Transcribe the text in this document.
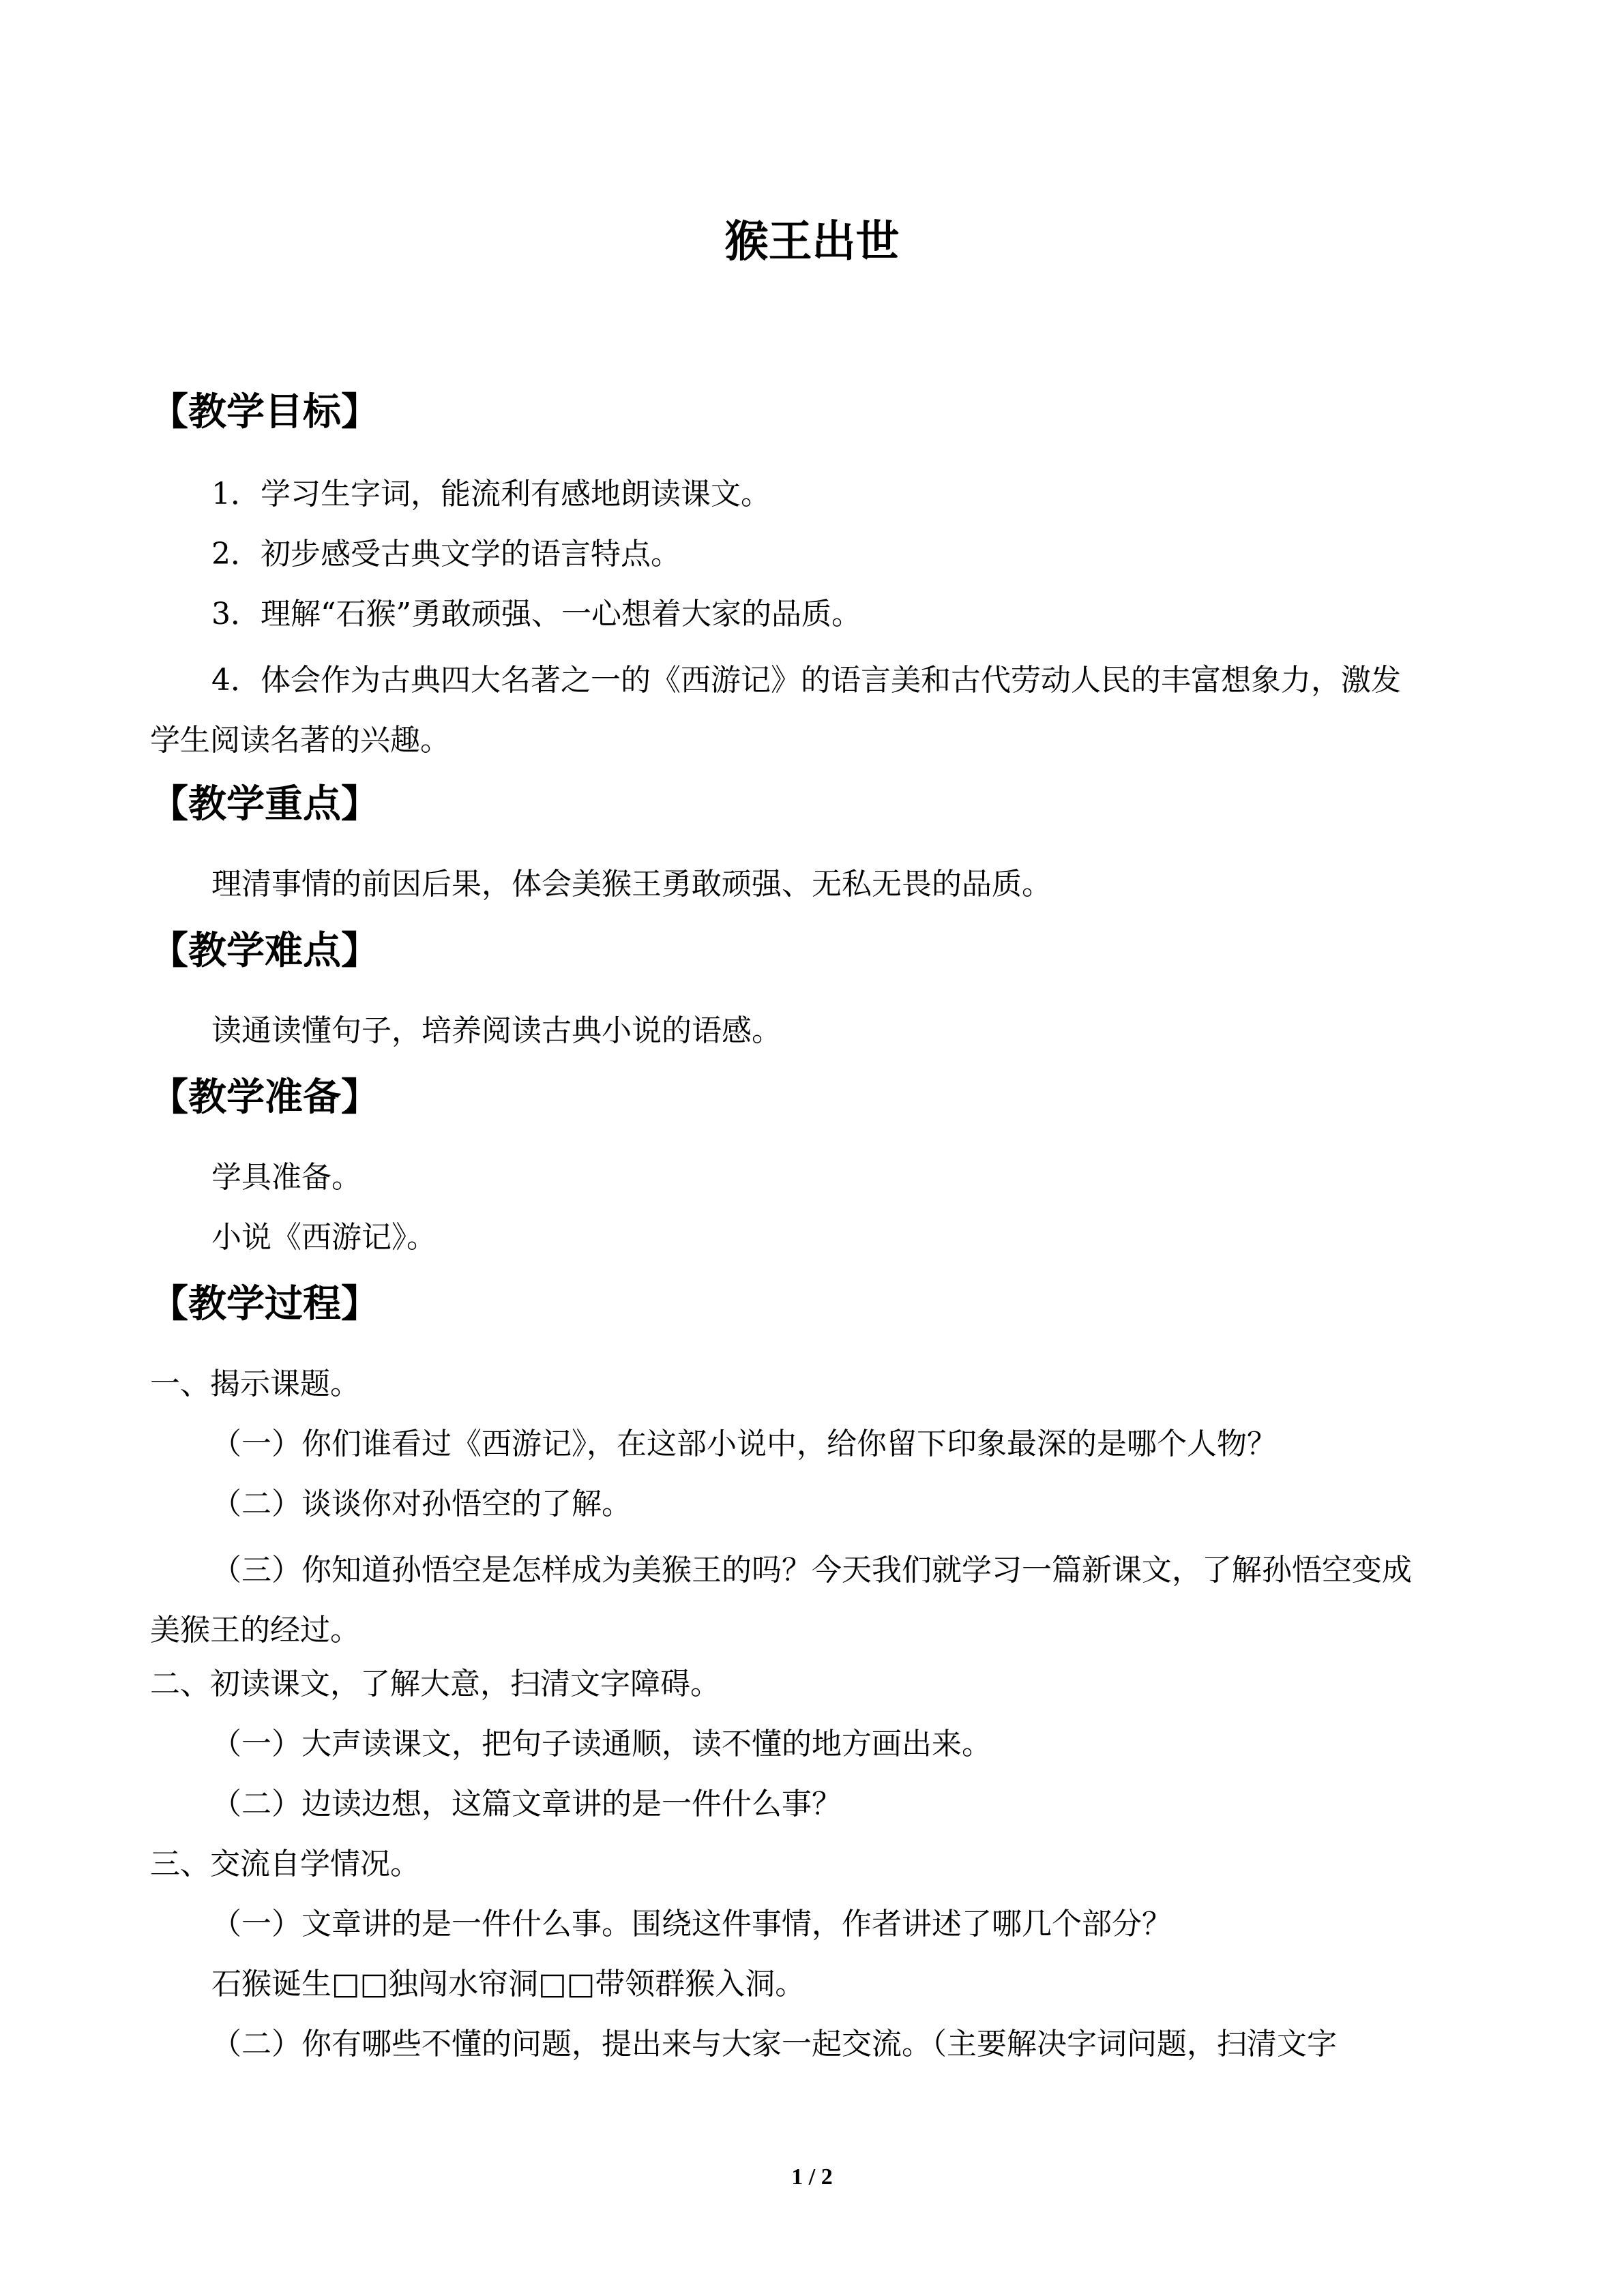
猴王出世
【教学目标】
1．学习生字词，能流利有感地朗读课文。
2．初步感受古典文学的语言特点。
3．理解“石猴”勇敢顽强、一心想着大家的品质。
4．体会作为古典四大名著之一的《西游记》的语言美和古代劳动人民的丰富想象力，激发学生阅读名著的兴趣。
【教学重点】
理清事情的前因后果，体会美猴王勇敢顽强、无私无畏的品质。
【教学难点】
读通读懂句子，培养阅读古典小说的语感。
【教学准备】
学具准备。
小说《西游记》。
【教学过程】
一、揭示课题。
（一）你们谁看过《西游记》，在这部小说中，给你留下印象最深的是哪个人物？
（二）谈谈你对孙悟空的了解。
（三）你知道孙悟空是怎样成为美猴王的吗？今天我们就学习一篇新课文，了解孙悟空变成美猴王的经过。
二、初读课文，了解大意，扫清文字障碍。
（一）大声读课文，把句子读通顺，读不懂的地方画出来。
（二）边读边想，这篇文章讲的是一件什么事？
三、交流自学情况。
（一）文章讲的是一件什么事。围绕这件事情，作者讲述了哪几个部分？
石猴诞生□□独闯水帘洞□□带领群猴入洞。
（二）你有哪些不懂的问题，提出来与大家一起交流。（主要解决字词问题，扫清文字
1 / 2
